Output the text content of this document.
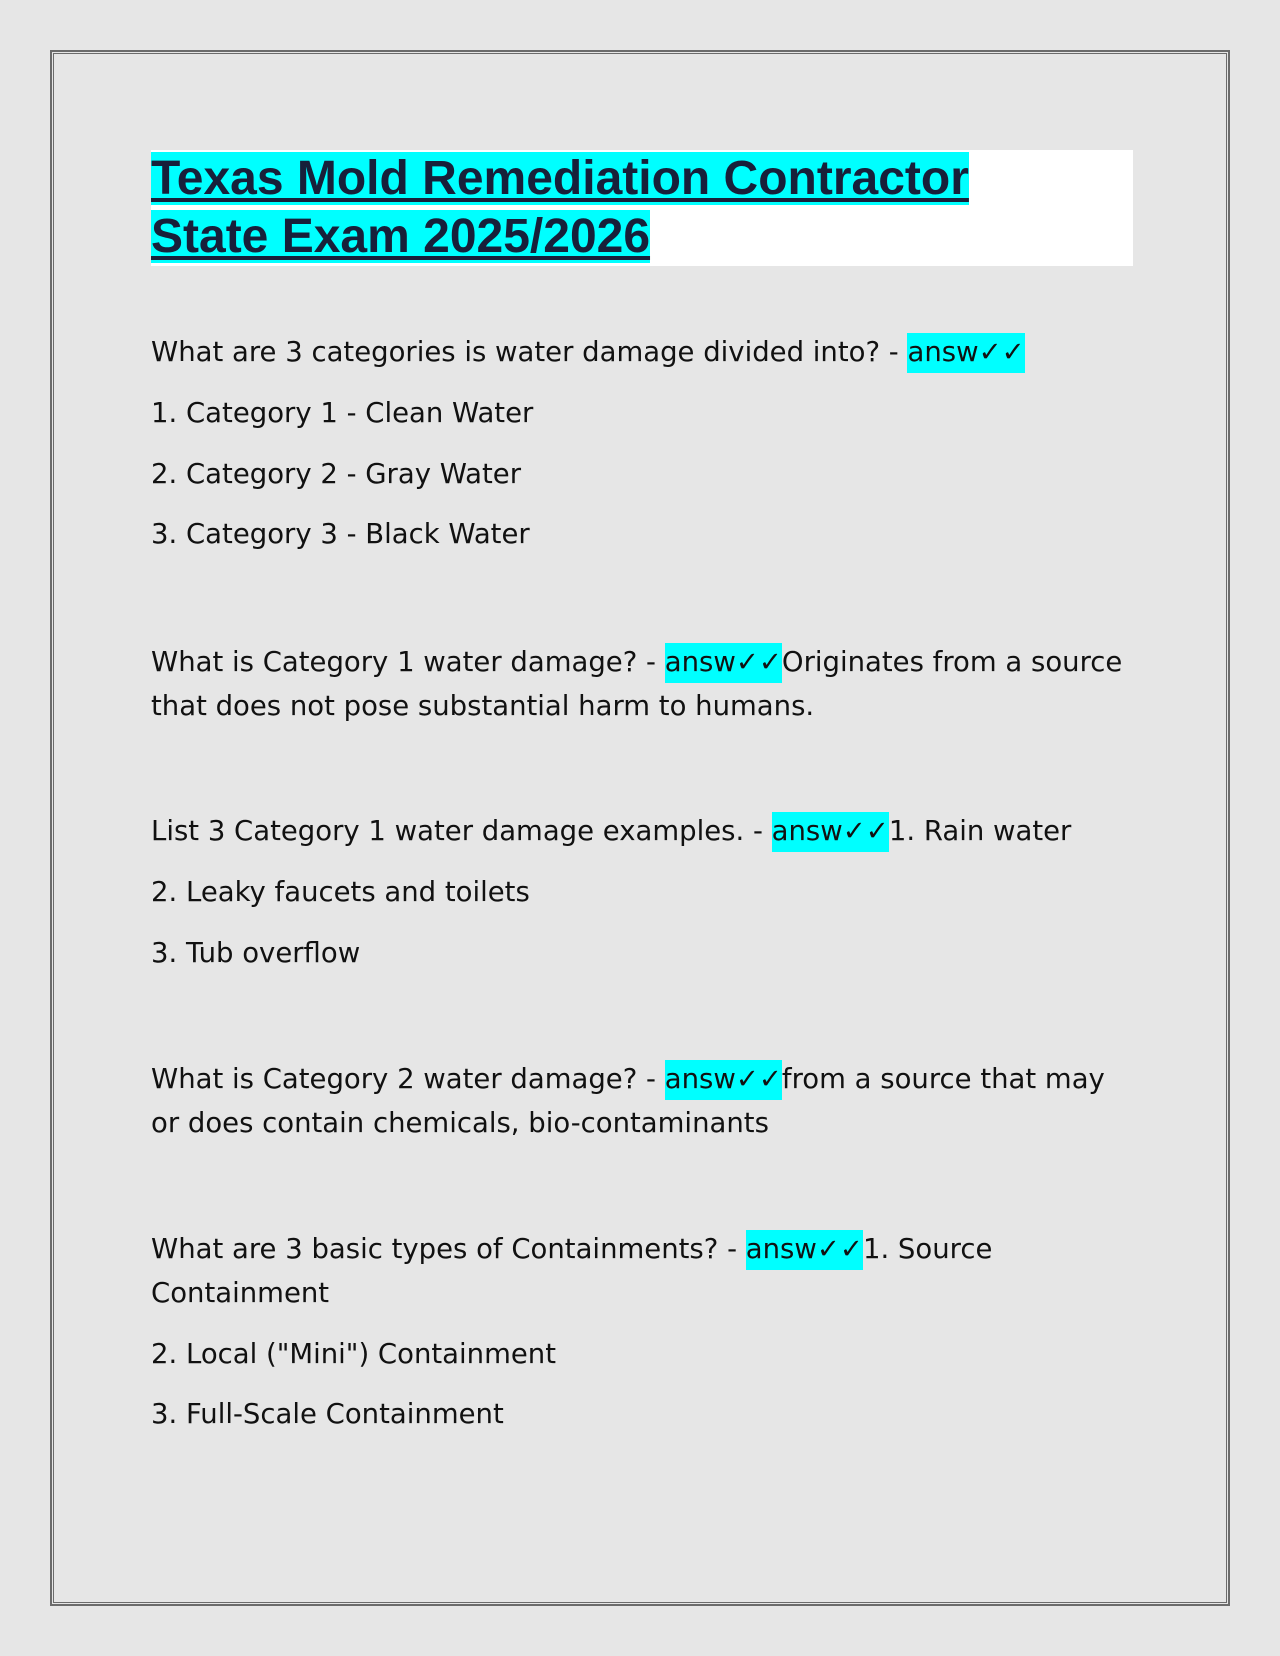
Texas Mold Remediation Contractor
State Exam 2025/2026

What are 3 categories is water damage divided into? - answ✓✓

1. Category 1 - Clean Water

2. Category 2 - Gray Water

3. Category 3 - Black Water

What is Category 1 water damage? - answ✓✓Originates from a source

that does not pose substantial harm to humans.

List 3 Category 1 water damage examples. - answ✓✓1. Rain water

2. Leaky faucets and toilets

3. Tub overflow

What is Category 2 water damage? - answ✓✓from a source that may

or does contain chemicals, bio-contaminants

What are 3 basic types of Containments? - answ✓✓1. Source

Containment

2. Local ("Mini") Containment

3. Full-Scale Containment
